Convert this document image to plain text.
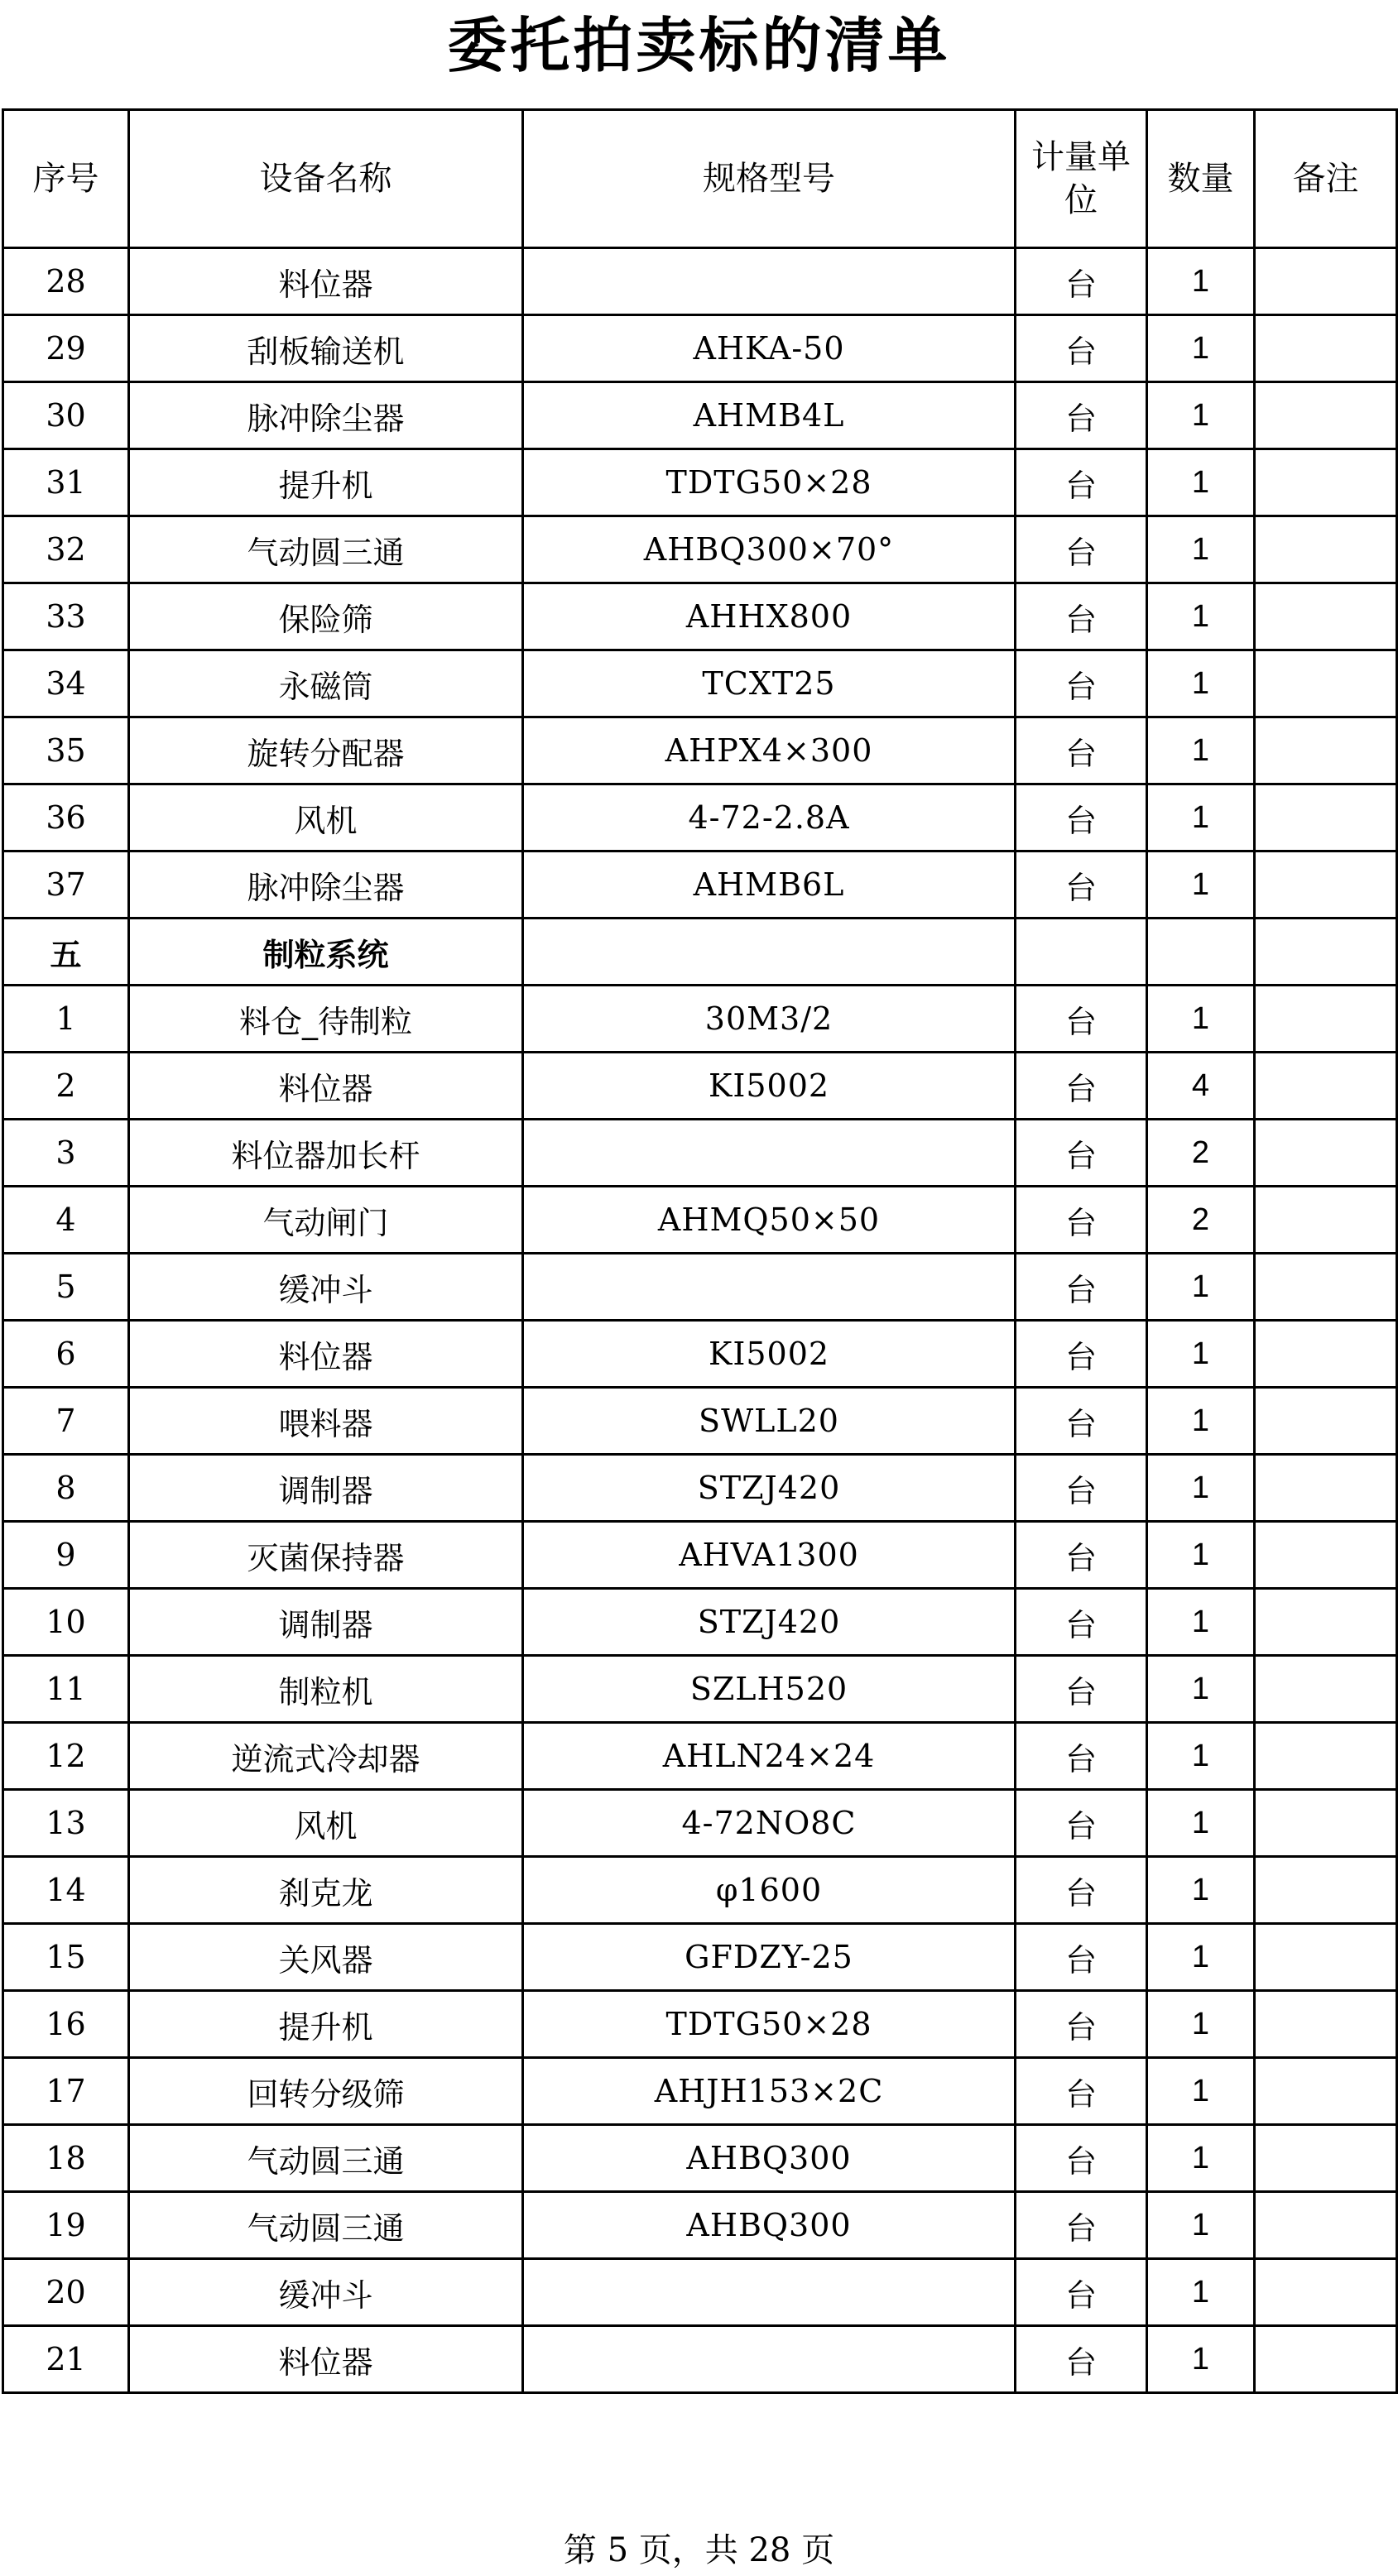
委托拍卖标的清单
序号	设备名称	规格型号	计量单位	数量	备注
28	料位器		台	1	
29	刮板输送机	AHKA-50	台	1	
30	脉冲除尘器	AHMB4L	台	1	
31	提升机	TDTG50×28	台	1	
32	气动圆三通	AHBQ300×70°	台	1	
33	保险筛	AHHX800	台	1	
34	永磁筒	TCXT25	台	1	
35	旋转分配器	AHPX4×300	台	1	
36	风机	4-72-2.8A	台	1	
37	脉冲除尘器	AHMB6L	台	1	
五	制粒系统				
1	料仓_待制粒	30M3/2	台	1	
2	料位器	KI5002	台	4	
3	料位器加长杆		台	2	
4	气动闸门	AHMQ50×50	台	2	
5	缓冲斗		台	1	
6	料位器	KI5002	台	1	
7	喂料器	SWLL20	台	1	
8	调制器	STZJ420	台	1	
9	灭菌保持器	AHVA1300	台	1	
10	调制器	STZJ420	台	1	
11	制粒机	SZLH520	台	1	
12	逆流式冷却器	AHLN24×24	台	1	
13	风机	4-72NO8C	台	1	
14	刹克龙	φ1600	台	1	
15	关风器	GFDZY-25	台	1	
16	提升机	TDTG50×28	台	1	
17	回转分级筛	AHJH153×2C	台	1	
18	气动圆三通	AHBQ300	台	1	
19	气动圆三通	AHBQ300	台	1	
20	缓冲斗		台	1	
21	料位器		台	1	
第 5 页，共 28 页
